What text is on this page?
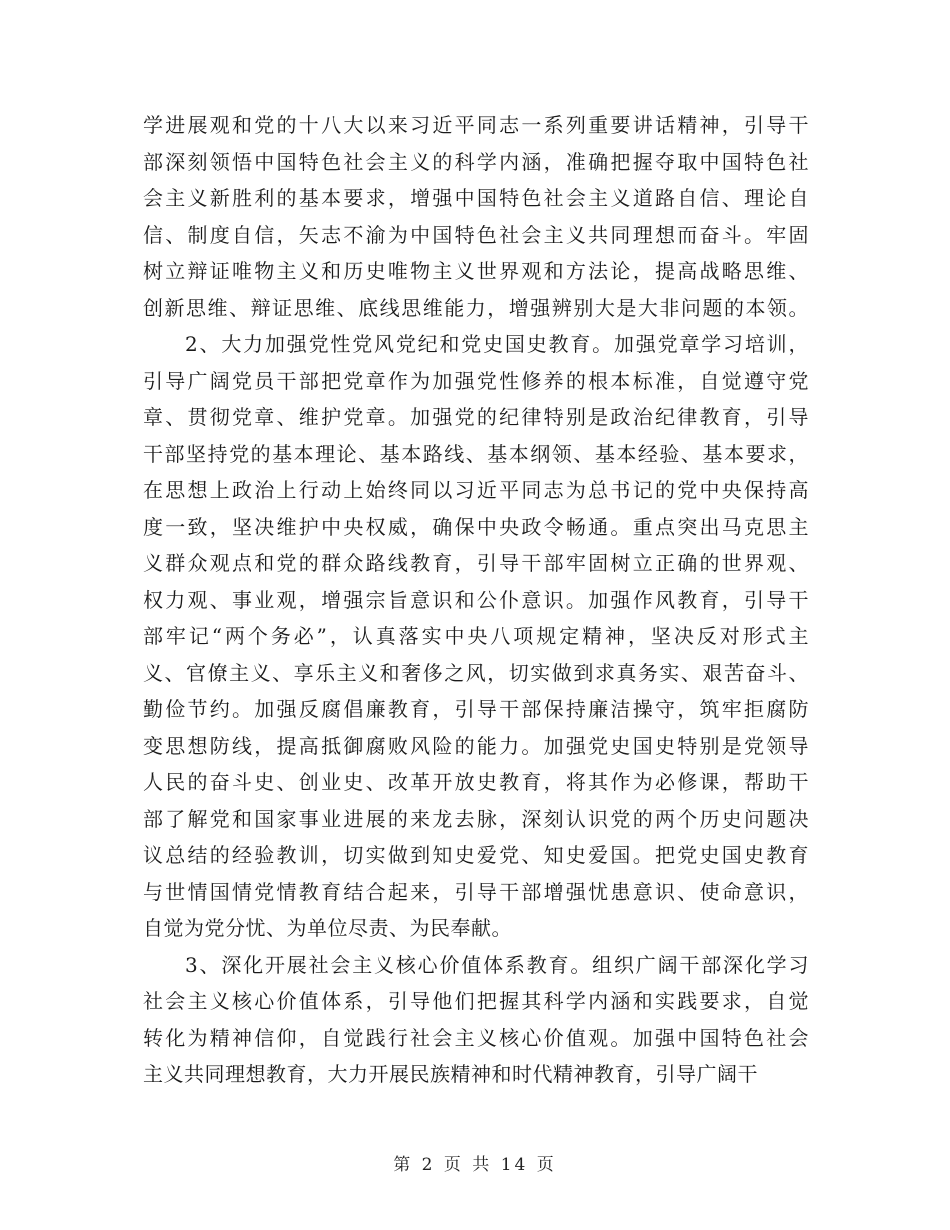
学进展观和党的十八大以来习近平同志一系列重要讲话精神，引导干
部深刻领悟中国特色社会主义的科学内涵，准确把握夺取中国特色社
会主义新胜利的基本要求，增强中国特色社会主义道路自信、理论自
信、制度自信，矢志不渝为中国特色社会主义共同理想而奋斗。牢固
树立辩证唯物主义和历史唯物主义世界观和方法论，提高战略思维、
创新思维、辩证思维、底线思维能力，增强辨别大是大非问题的本领。
2、大力加强党性党风党纪和党史国史教育。加强党章学习培训，
引导广阔党员干部把党章作为加强党性修养的根本标准，自觉遵守党
章、贯彻党章、维护党章。加强党的纪律特别是政治纪律教育，引导
干部坚持党的基本理论、基本路线、基本纲领、基本经验、基本要求，
在思想上政治上行动上始终同以习近平同志为总书记的党中央保持高
度一致，坚决维护中央权威，确保中央政令畅通。重点突出马克思主
义群众观点和党的群众路线教育，引导干部牢固树立正确的世界观、
权力观、事业观，增强宗旨意识和公仆意识。加强作风教育，引导干
部牢记“两个务必”，认真落实中央八项规定精神，坚决反对形式主
义、官僚主义、享乐主义和奢侈之风，切实做到求真务实、艰苦奋斗、
勤俭节约。加强反腐倡廉教育，引导干部保持廉洁操守，筑牢拒腐防
变思想防线，提高抵御腐败风险的能力。加强党史国史特别是党领导
人民的奋斗史、创业史、改革开放史教育，将其作为必修课，帮助干
部了解党和国家事业进展的来龙去脉，深刻认识党的两个历史问题决
议总结的经验教训，切实做到知史爱党、知史爱国。把党史国史教育
与世情国情党情教育结合起来，引导干部增强忧患意识、使命意识，
自觉为党分忧、为单位尽责、为民奉献。
3、深化开展社会主义核心价值体系教育。组织广阔干部深化学习
社会主义核心价值体系，引导他们把握其科学内涵和实践要求，自觉
转化为精神信仰，自觉践行社会主义核心价值观。加强中国特色社会
主义共同理想教育，大力开展民族精神和时代精神教育，引导广阔干
第 2 页 共 14 页
